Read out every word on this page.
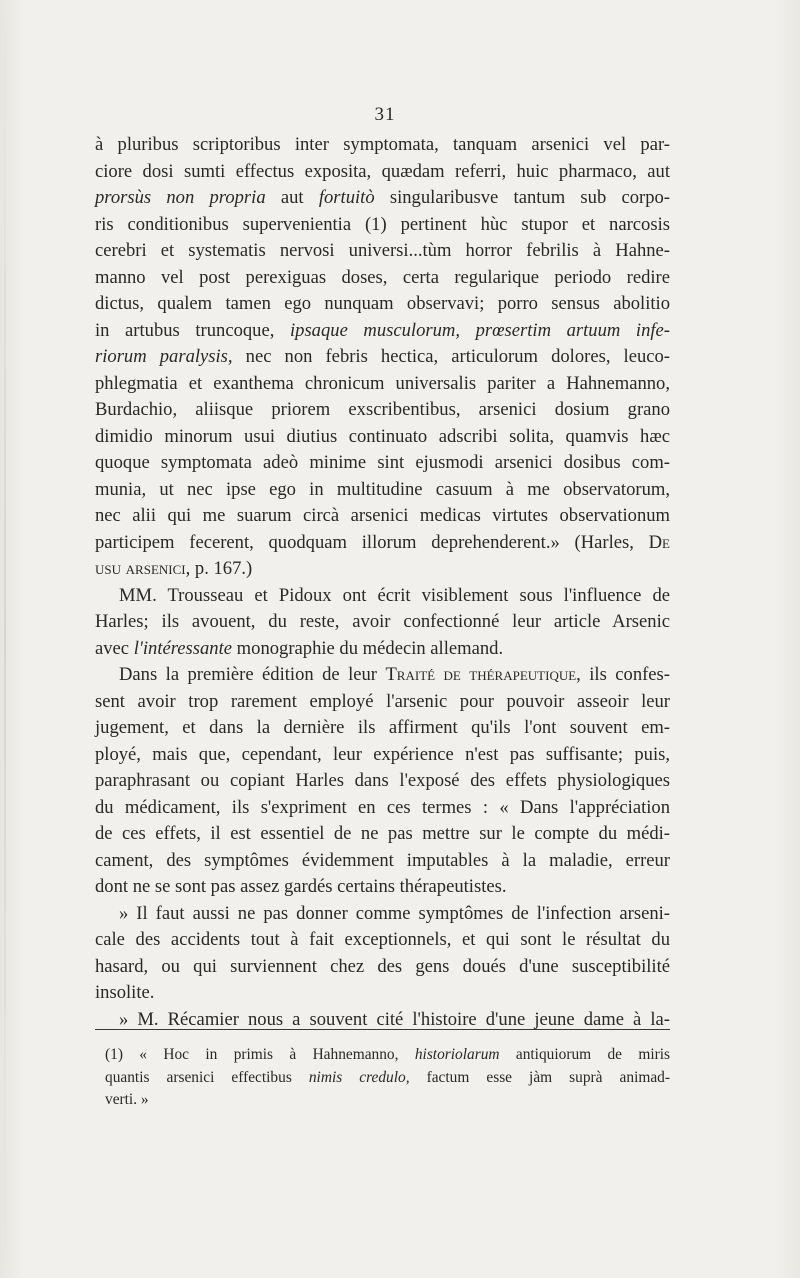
31
à pluribus scriptoribus inter symptomata, tanquam arsenici vel par-
ciore dosi sumti effectus exposita, quædam referri, huic pharmaco, aut
prorsùs non propria aut fortuitò singularibusve tantum sub corpo-
ris conditionibus supervenientia (1) pertinent hùc stupor et narcosis
cerebri et systematis nervosi universi...tùm horror febrilis à Hahne-
manno vel post perexiguas doses, certa regularique periodo redire
dictus, qualem tamen ego nunquam observavi; porro sensus abolitio
in artubus truncoque, ipsaque musculorum, prœsertim artuum infe-
riorum paralysis, nec non febris hectica, articulorum dolores, leuco-
phlegmatia et exanthema chronicum universalis pariter a Hahnemanno,
Burdachio, aliisque priorem exscribentibus, arsenici dosium grano
dimidio minorum usui diutius continuato adscribi solita, quamvis hæc
quoque symptomata adeò minime sint ejusmodi arsenici dosibus com-
munia, ut nec ipse ego in multitudine casuum à me observatorum,
nec alii qui me suarum circà arsenici medicas virtutes observationum
participem fecerent, quodquam illorum deprehenderent.» (Harles, De
usu arsenici, p. 167.)
MM. Trousseau et Pidoux ont écrit visiblement sous l'influence de
Harles; ils avouent, du reste, avoir confectionné leur article Arsenic
avec l'intéressante monographie du médecin allemand.
Dans la première édition de leur Traité de thérapeutique, ils confes-
sent avoir trop rarement employé l'arsenic pour pouvoir asseoir leur
jugement, et dans la dernière ils affirment qu'ils l'ont souvent em-
ployé, mais que, cependant, leur expérience n'est pas suffisante; puis,
paraphrasant ou copiant Harles dans l'exposé des effets physiologiques
du médicament, ils s'expriment en ces termes : « Dans l'appréciation
de ces effets, il est essentiel de ne pas mettre sur le compte du médi-
cament, des symptômes évidemment imputables à la maladie, erreur
dont ne se sont pas assez gardés certains thérapeutistes.
» Il faut aussi ne pas donner comme symptômes de l'infection arseni-
cale des accidents tout à fait exceptionnels, et qui sont le résultat du
hasard, ou qui surviennent chez des gens doués d'une susceptibilité
insolite.
» M. Récamier nous a souvent cité l'histoire d'une jeune dame à la-
(1) « Hoc in primis à Hahnemanno, historiolarum antiquiorum de miris
quantis arsenici effectibus nimis credulo, factum esse jàm suprà animad-
verti. »
